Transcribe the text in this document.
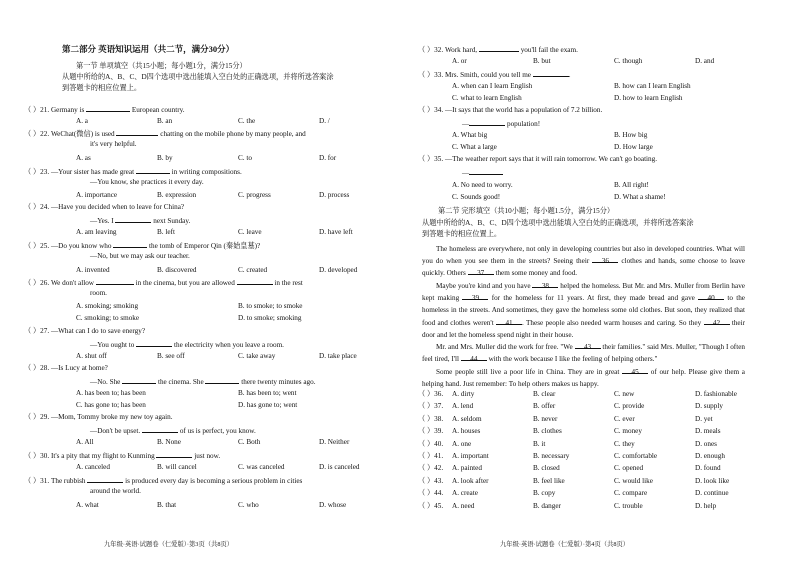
第二部分 英语知识运用（共二节，满分30分）
第一节 单项填空（共15小题；每小题1分，满分15分）
从题中所给的A、B、C、D四个选项中选出能填入空白处的正确选项，并将所选答案涂
到答题卡的相应位置上。
（ ）21. Germany is	European country.
A. a	B. an	C. the	D. /
（ ）22. WeChat(微信) is used	chatting on the mobile phone by many people, and
it's very helpful.
A. as	B. by	C. to	D. for
（ ）23. —Your sister has made great	in writing compositions.
—You know, she practices it every day.
A. importance	B. expression	C. progress	D. process
（ ）24. —Have you decided when to leave for China?
—Yes. I	next Sunday.
A. am leaving	B. left	C. leave	D. have left
（ ）25. —Do you know who	the tomb of Emperor Qin (秦始皇墓)?
—No, but we may ask our teacher.
A. invented	B. discovered	C. created	D. developed
（ ）26. We don't allow	in the cinema, but you are allowed	in the rest
room.
A. smoking; smoking	B. to smoke; to smoke
C. smoking; to smoke	D. to smoke; smoking
（ ）27. —What can I do to save energy?
—You ought to	the electricity when you leave a room.
A. shut off	B. see off	C. take away	D. take place
（ ）28. —Is Lucy at home?
—No. She	the cinema. She	there twenty minutes ago.
A. has been to; has been	B. has been to; went
C. has gone to; has been	D. has gone to; went
（ ）29. —Mom, Tommy broke my new toy again.
—Don't be upset.	of us is perfect, you know.
A. All	B. None	C. Both	D. Neither
（ ）30. It's a pity that my flight to Kunming	just now.
A. canceled	B. will cancel	C. was canceled	D. is canceled
（ ）31. The rubbish	is produced every day is becoming a serious problem in cities
around the world.
A. what	B. that	C. who	D. whose
九年级·英语·试题卷（仁爱版）·第3页（共8页）
（ ）32. Work hard,	you'll fail the exam.
A. or	B. but	C. though	D. and
（ ）33. Mrs. Smith, could you tell me	.
A. when can I learn English	B. how can I learn English
C. what to learn English	D. how to learn English
（ ）34. —It says that the world has a population of 7.2 billion.
—	population!
A. What big	B. How big
C. What a large	D. How large
（ ）35. —The weather report says that it will rain tomorrow. We can't go boating.
—
A. No need to worry.	B. All right!
C. Sounds good!	D. What a shame!
第二节 完形填空（共10小题；每小题1.5分，满分15分）
从题中所给的A、B、C、D四个选项中选出能填入空白处的正确选项，并将所选答案涂
到答题卡的相应位置上。
The homeless are everywhere, not only in developing countries but also in developed countries. What will you do when you see them in the streets? Seeing their 36 clothes and hands, some choose to leave quickly. Others 37 them some money and food.
Maybe you're kind and you have 38 helped the homeless. But Mr. and Mrs. Muller from Berlin have kept making 39 for the homeless for 11 years. At first, they made bread and gave 40 to the homeless in the streets. And sometimes, they gave the homeless some old clothes. But soon, they realized that food and clothes weren't 41 . These people also needed warm houses and caring. So they 42 their door and let the homeless spend night in their house.
Mr. and Mrs. Muller did the work for free. "We 43 their families." said Mrs. Muller, "Though I often feel tired, I'll 44 with the work because I like the feeling of helping others."
Some people still live a poor life in China. They are in great 45 of our help. Please give them a helping hand. Just remember: To help others makes us happy.
（ ）36. A. dirty	B. clear	C. new	D. fashionable
（ ）37. A. lend	B. offer	C. provide	D. supply
（ ）38. A. seldom	B. never	C. ever	D. yet
（ ）39. A. houses	B. clothes	C. money	D. meals
（ ）40. A. one	B. it	C. they	D. ones
（ ）41. A. important	B. necessary	C. comfortable	D. enough
（ ）42. A. painted	B. closed	C. opened	D. found
（ ）43. A. look after	B. feel like	C. would like	D. look like
（ ）44. A. create	B. copy	C. compare	D. continue
（ ）45. A. need	B. danger	C. trouble	D. help
九年级·英语·试题卷（仁爱版）·第4页（共8页）
